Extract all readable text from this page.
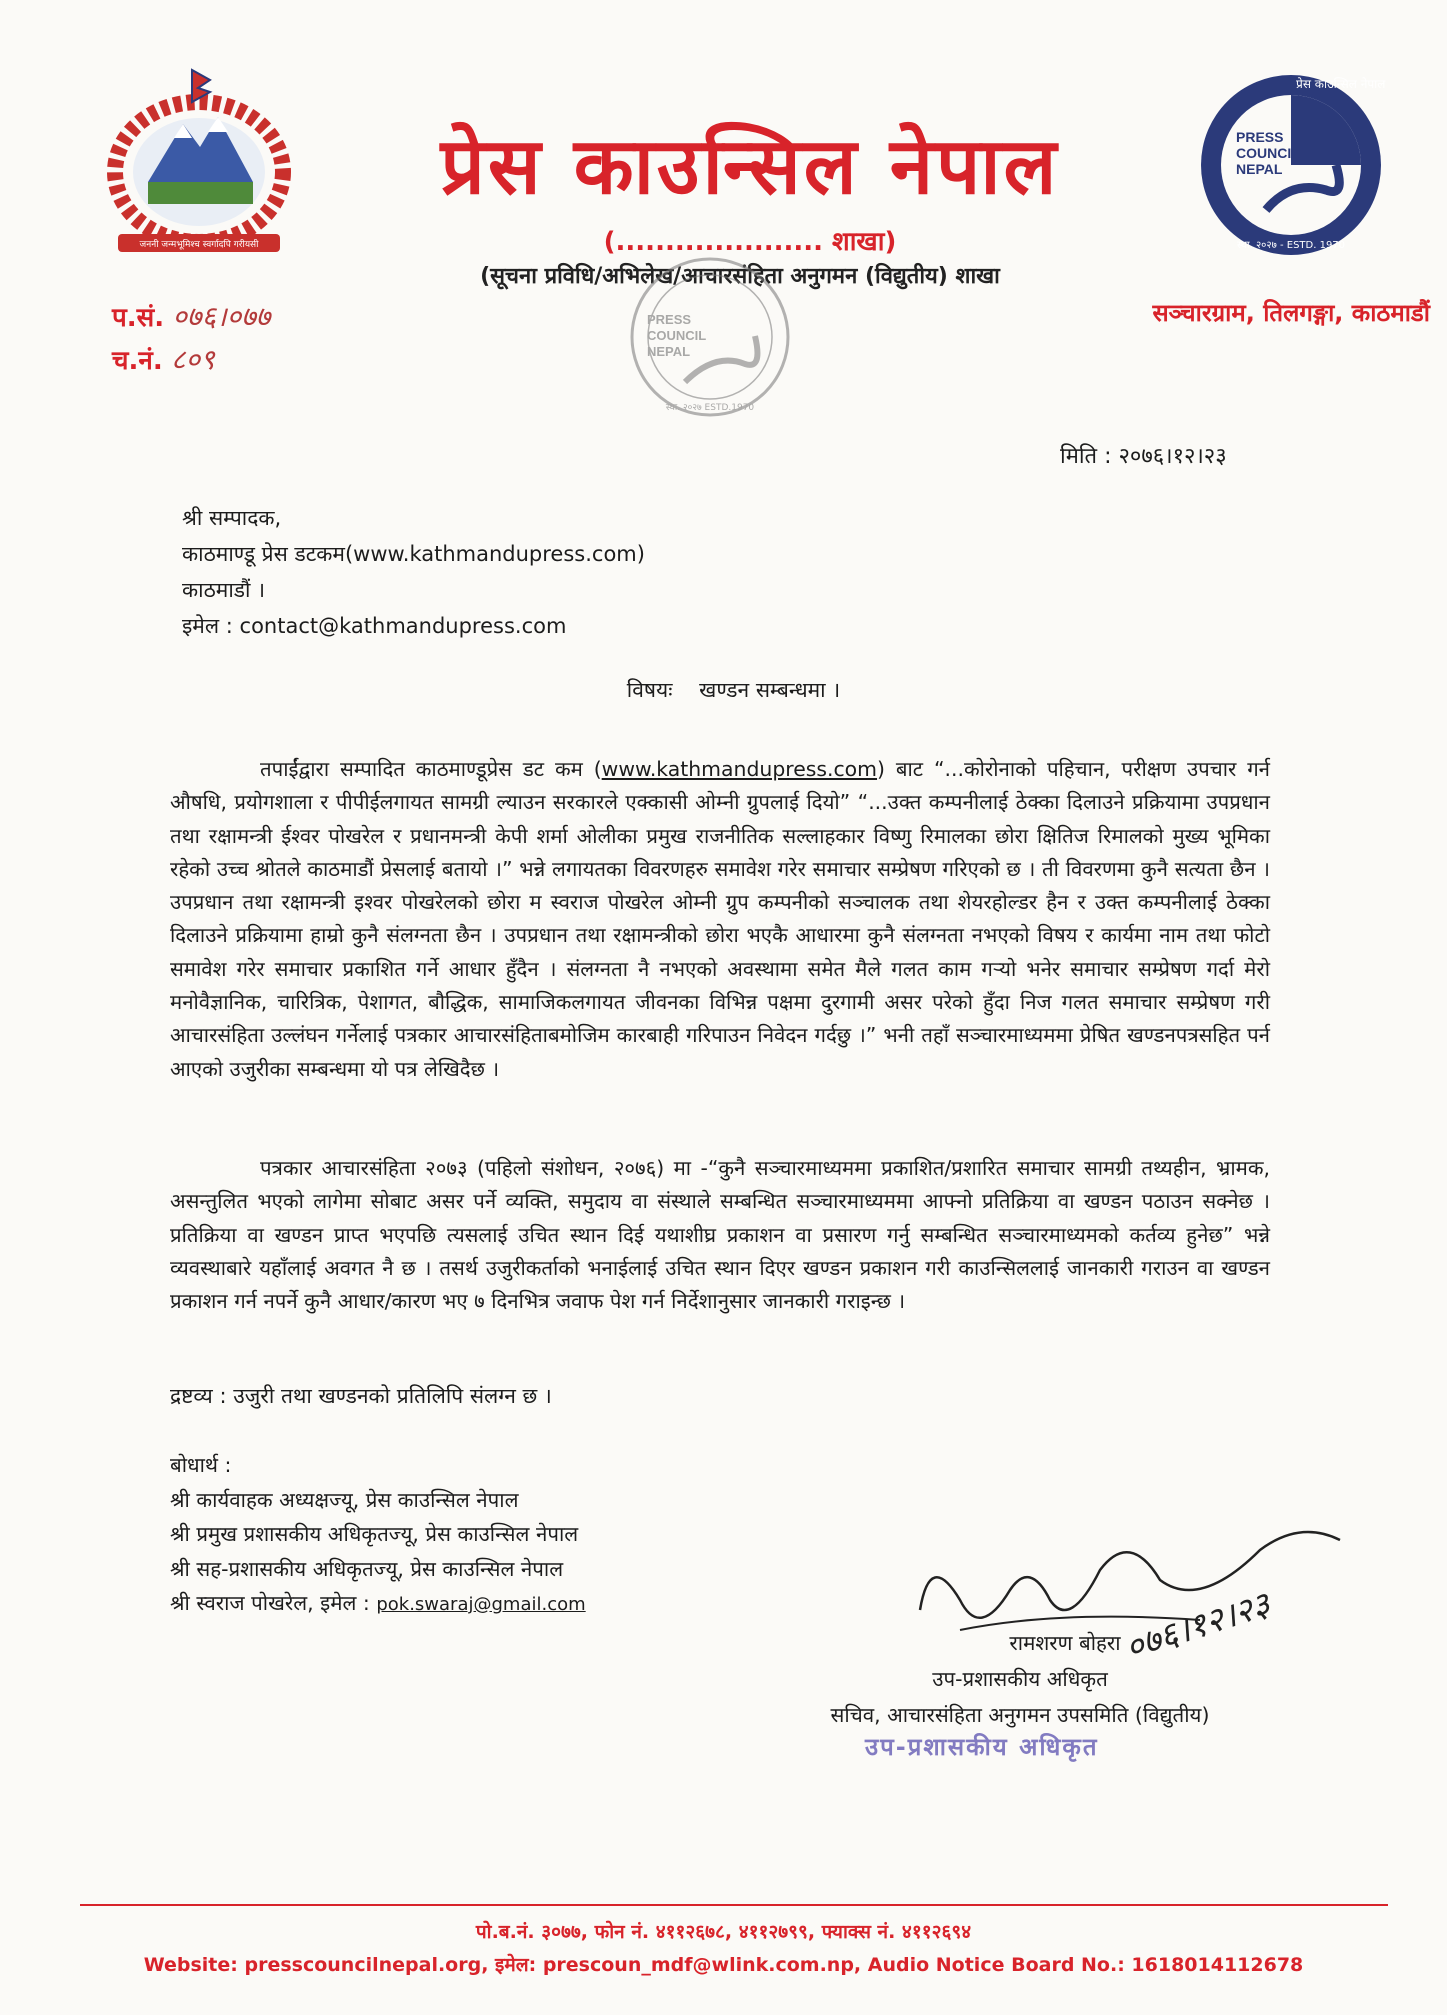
जननी जन्मभूमिश्च स्वर्गादपि गरीयसी
प्रेस काउन्सिल नेपाल
PRESS
COUNCIL
NEPAL
स्था. २०२७ - ESTD. 1970
प्रेस काउन्सिल नेपाल
(..................... शाखा)
(सूचना प्रविधि/अभिलेख/आचारसंहिता अनुगमन (विद्युतीय) शाखा
सञ्चारग्राम, तिलगङ्गा, काठमाडौं
प.सं. ०७६।०७७
च.नं. ८०९
PRESS
COUNCIL
NEPAL
स्था. २०२७ ESTD.1970
मिति : २०७६।१२।२३
श्री सम्पादक,
काठमाण्डू प्रेस डटकम(www.kathmandupress.com)
काठमाडौं ।
इमेल : contact@kathmandupress.com
विषयः खण्डन सम्बन्धमा ।
तपाईंद्वारा सम्पादित काठमाण्डूप्रेस डट कम (www.kathmandupress.com) बाट “...कोरोनाको पहिचान, परीक्षण उपचार गर्न औषधि, प्रयोगशाला र पीपीईलगायत सामग्री ल्याउन सरकारले एक्कासी ओम्नी ग्रुपलाई दियो” “...उक्त कम्पनीलाई ठेक्का दिलाउने प्रक्रियामा उपप्रधान तथा रक्षामन्त्री ईश्वर पोखरेल र प्रधानमन्त्री केपी शर्मा ओलीका प्रमुख राजनीतिक सल्लाहकार विष्णु रिमालका छोरा क्षितिज रिमालको मुख्य भूमिका रहेको उच्च श्रोतले काठमाडौं प्रेसलाई बतायो ।” भन्ने लगायतका विवरणहरु समावेश गरेर समाचार सम्प्रेषण गरिएको छ । ती विवरणमा कुनै सत्यता छैन । उपप्रधान तथा रक्षामन्त्री इश्वर पोखरेलको छोरा म स्वराज पोखरेल ओम्नी ग्रुप कम्पनीको सञ्चालक तथा शेयरहोल्डर हैन र उक्त कम्पनीलाई ठेक्का दिलाउने प्रक्रियामा हाम्रो कुनै संलग्नता छैन । उपप्रधान तथा रक्षामन्त्रीको छोरा भएकै आधारमा कुनै संलग्नता नभएको विषय र कार्यमा नाम तथा फोटो समावेश गरेर समाचार प्रकाशित गर्ने आधार हुँदैन । संलग्नता नै नभएको अवस्थामा समेत मैले गलत काम गऱ्यो भनेर समाचार सम्प्रेषण गर्दा मेरो मनोवैज्ञानिक, चारित्रिक, पेशागत, बौद्धिक, सामाजिकलगायत जीवनका विभिन्न पक्षमा दुरगामी असर परेको हुँदा निज गलत समाचार सम्प्रेषण गरी आचारसंहिता उल्लंघन गर्नेलाई पत्रकार आचारसंहिताबमोजिम कारबाही गरिपाउन निवेदन गर्दछु ।” भनी तहाँ सञ्चारमाध्यममा प्रेषित खण्डनपत्रसहित पर्न आएको उजुरीका सम्बन्धमा यो पत्र लेखिदैछ ।
पत्रकार आचारसंहिता २०७३ (पहिलो संशोधन, २०७६) मा -“कुनै सञ्चारमाध्यममा प्रकाशित/प्रशारित समाचार सामग्री तथ्यहीन, भ्रामक, असन्तुलित भएको लागेमा सोबाट असर पर्ने व्यक्ति, समुदाय वा संस्थाले सम्बन्धित सञ्चारमाध्यममा आफ्नो प्रतिक्रिया वा खण्डन पठाउन सक्नेछ । प्रतिक्रिया वा खण्डन प्राप्त भएपछि त्यसलाई उचित स्थान दिई यथाशीघ्र प्रकाशन वा प्रसारण गर्नु सम्बन्धित सञ्चारमाध्यमको कर्तव्य हुनेछ” भन्ने व्यवस्थाबारे यहाँलाई अवगत नै छ । तसर्थ उजुरीकर्ताको भनाईलाई उचित स्थान दिएर खण्डन प्रकाशन गरी काउन्सिललाई जानकारी गराउन वा खण्डन प्रकाशन गर्न नपर्ने कुनै आधार/कारण भए ७ दिनभित्र जवाफ पेश गर्न निर्देशानुसार जानकारी गराइन्छ ।
द्रष्टव्य : उजुरी तथा खण्डनको प्रतिलिपि संलग्न छ ।
बोधार्थ :
श्री कार्यवाहक अध्यक्षज्यू, प्रेस काउन्सिल नेपाल
श्री प्रमुख प्रशासकीय अधिकृतज्यू, प्रेस काउन्सिल नेपाल
श्री सह-प्रशासकीय अधिकृतज्यू, प्रेस काउन्सिल नेपाल
श्री स्वराज पोखरेल, इमेल : pok.swaraj@gmail.com	०७६।१२।२३
रामशरण बोहरा
उप-प्रशासकीय अधिकृत
सचिव, आचारसंहिता अनुगमन उपसमिति (विद्युतीय)
उप-प्रशासकीय अधिकृत
पो.ब.नं. ३०७७, फोन नं. ४११२६७८, ४११२७९९, फ्याक्स नं. ४११२६९४
Website: presscouncilnepal.org, इमेल: prescoun_mdf@wlink.com.np, Audio Notice Board No.: 1618014112678
